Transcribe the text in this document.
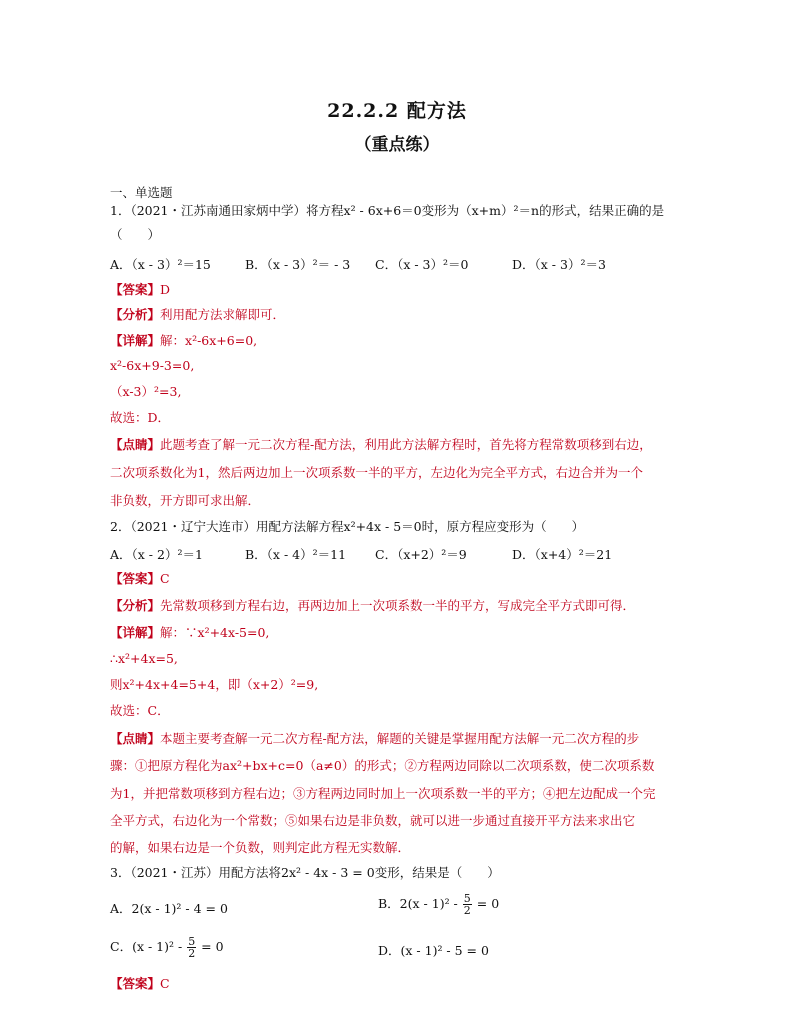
22.2.2 配方法
（重点练）
一、单选题
1．（2021・江苏南通田家炳中学）将方程x² - 6x+6＝0变形为（x+m）²＝n的形式，结果正确的是
（　　）
A．（x - 3）²＝15	B．（x - 3）²＝ - 3 C．（x - 3）²＝0	D．（x - 3）²＝3
【答案】D
【分析】利用配方法求解即可．
【详解】解：x²-6x+6=0,
x²-6x+9-3=0,
（x-3）²=3,
故选：D．
【点睛】此题考查了解一元二次方程-配方法，利用此方法解方程时，首先将方程常数项移到右边，
二次项系数化为1，然后两边加上一次项系数一半的平方，左边化为完全平方式，右边合并为一个
非负数，开方即可求出解．
2．（2021・辽宁大连市）用配方法解方程x²+4x - 5＝0时，原方程应变形为（　　）
A．（x - 2）²＝1	B．（x - 4）²＝11 C．（x+2）²＝9	D．（x+4）²＝21
【答案】C
【分析】先常数项移到方程右边，再两边加上一次项系数一半的平方，写成完全平方式即可得．
【详解】解：∵x²+4x-5=0,
∴x²+4x=5,
则x²+4x+4=5+4，即（x+2）²=9,
故选：C．
【点睛】本题主要考查解一元二次方程-配方法，解题的关键是掌握用配方法解一元二次方程的步
骤：①把原方程化为ax²+bx+c=0（a≠0）的形式；②方程两边同除以二次项系数，使二次项系数
为1，并把常数项移到方程右边；③方程两边同时加上一次项系数一半的平方；④把左边配成一个完
全平方式，右边化为一个常数；⑤如果右边是非负数，就可以进一步通过直接开平方法来求出它
的解，如果右边是一个负数，则判定此方程无实数解．
3．（2021・江苏）用配方法将2x² - 4x - 3 = 0变形，结果是（　　）
A．2(x - 1)² - 4 = 0	B．$2(x - 1)^2 - \frac{5}{2} = 0$
C．$(x - 1)^2 - \frac{5}{2} = 0$	D．(x - 1)² - 5 = 0
【答案】C
